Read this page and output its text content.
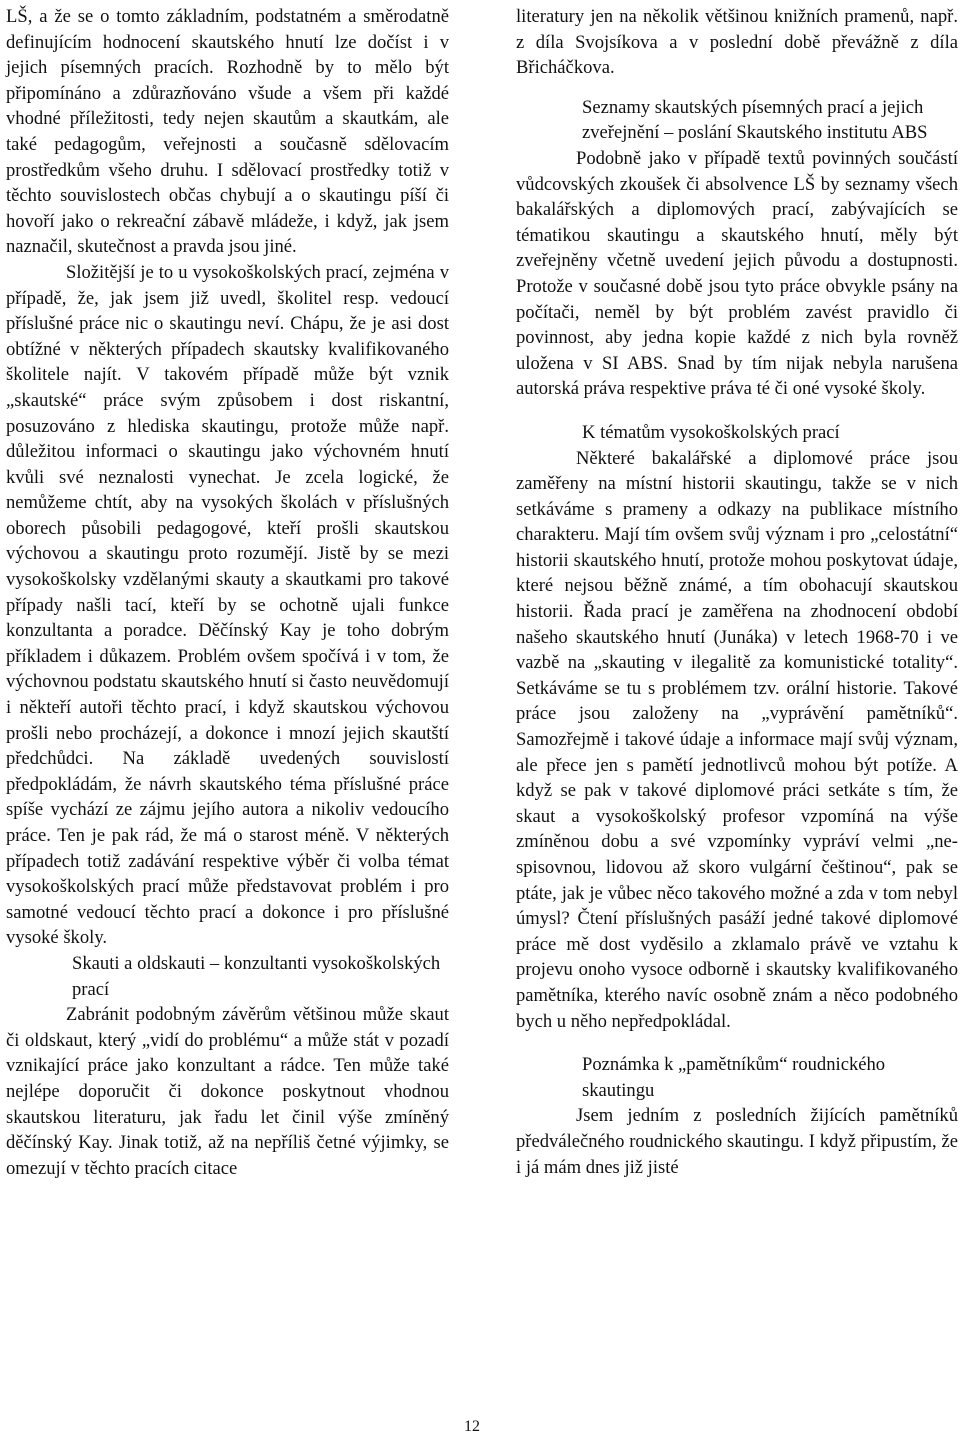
LŠ, a že se o tomto základním, podstatném a směrodatně definujícím hodnocení skautského hnutí lze dočíst i v jejich písemných pracích. Rozhodně by to mělo být připomínáno a zdůrazňováno všude a všem při každé vhodné příležitosti, tedy nejen skautům a skautkám, ale také pedagogům, veřejnosti a současně sdělovacím prostředkům všeho druhu. I sdělovací prostředky totiž v těchto souvislostech občas chybují a o skautingu píší či hovoří jako o rekreační zábavě mládeže, i když, jak jsem naznačil, skutečnost a pravda jsou jiné.

Složitější je to u vysokoškolských prací, zejména v případě, že, jak jsem již uvedl, školitel resp. vedoucí příslušné práce nic o skautingu neví. Chápu, že je asi dost obtížné v některých případech skautsky kvalifikovaného školitele najít. V takovém případě může být vznik „skautské“ práce svým způsobem i dost riskantní, posuzováno z hlediska skautingu, protože může např. důležitou informaci o skautingu jako výchovném hnutí kvůli své neznalosti vynechat. Je zcela logické, že nemůžeme chtít, aby na vysokých školách v příslušných oborech působili pedagogové, kteří prošli skautskou výchovou a skautingu proto rozumějí. Jistě by se mezi vysokoškolsky vzdělanými skauty a skautkami pro takové případy našli tací, kteří by se ochotně ujali funkce konzultanta a poradce. Děčínský Kay je toho dobrým příkladem i důkazem. Problém ovšem spočívá i v tom, že výchovnou podstatu skautského hnutí si často neuvědomují i někteří autoři těchto prací, i když skautskou výchovou prošli nebo procházejí, a dokonce i mnozí jejich skautští předchůdci. Na základě uvedených souvislostí předpokládám, že návrh skautského téma příslušné práce spíše vychází ze zájmu jejího autora a nikoliv vedoucího práce. Ten je pak rád, že má o starost méně. V některých případech totiž zadávání respektive výběr či volba témat vysokoškolských prací může představovat problém i pro samotné vedoucí těchto prací a dokonce i pro příslušné vysoké školy.

Skauti a oldskauti – konzultanti vysokoškolských prací

Zabránit podobným závěrům většinou může skaut či oldskaut, který „vidí do problému“ a může stát v pozadí vznikající práce jako konzultant a rádce. Ten může také nejlépe doporučit či dokonce poskytnout vhodnou skautskou literaturu, jak řadu let činil výše zmíněný děčínský Kay. Jinak totiž, až na nepříliš četné výjimky, se omezují v těchto pracích citace

literatury jen na několik většinou knižních pramenů, např. z díla Svojsíkova a v poslední době převážně z díla Břicháčkova.

Seznamy skautských písemných prací a jejich zveřejnění – poslání Skautského institutu ABS

Podobně jako v případě textů povinných součástí vůdcovských zkoušek či absolvence LŠ by seznamy všech bakalářských a diplomových prací, zabývajících se tématikou skautingu a skautského hnutí, měly být zveřejněny včetně uvedení jejich původu a dostupnosti. Protože v současné době jsou tyto práce obvykle psány na počítači, neměl by být problém zavést pravidlo či povinnost, aby jedna kopie každé z nich byla rovněž uložena v SI ABS. Snad by tím nijak nebyla narušena autorská práva respektive práva té či oné vysoké školy.

K tématům vysokoškolských prací

Některé bakalářské a diplomové práce jsou zaměřeny na místní historii skautingu, takže se v nich setkáváme s prameny a odkazy na publikace místního charakteru. Mají tím ovšem svůj význam i pro „celostátní“ historii skautského hnutí, protože mohou poskytovat údaje, které nejsou běžně známé, a tím obohacují skautskou historii. Řada prací je zaměřena na zhodnocení období našeho skautského hnutí (Junáka) v letech 1968-70 i ve vazbě na „skauting v ilegalitě za komunistické totality“. Setkáváme se tu s problémem tzv. orální historie. Takové práce jsou založeny na „vyprávění pamětníků“. Samozřejmě i takové údaje a informace mají svůj význam, ale přece jen s pamětí jednotlivců mohou být potíže. A když se pak v takové diplomové práci setkáte s tím, že skaut a vysokoškolský profesor vzpomíná na výše zmíněnou dobu a své vzpomínky vypráví velmi „ne-spisovnou, lidovou až skoro vulgární češtinou“, pak se ptáte, jak je vůbec něco takového možné a zda v tom nebyl úmysl? Čtení příslušných pasáží jedné takové diplomové práce mě dost vyděsilo a zklamalo právě ve vztahu k projevu onoho vysoce odborně i skautsky kvalifikovaného pamětníka, kterého navíc osobně znám a něco podobného bych u něho nepředpokládal.

Poznámka k „pamětníkům“ roudnického skautingu

Jsem jedním z posledních žijících pamětníků předválečného roudnického skautingu. I když připustím, že i já mám dnes již jisté

12
